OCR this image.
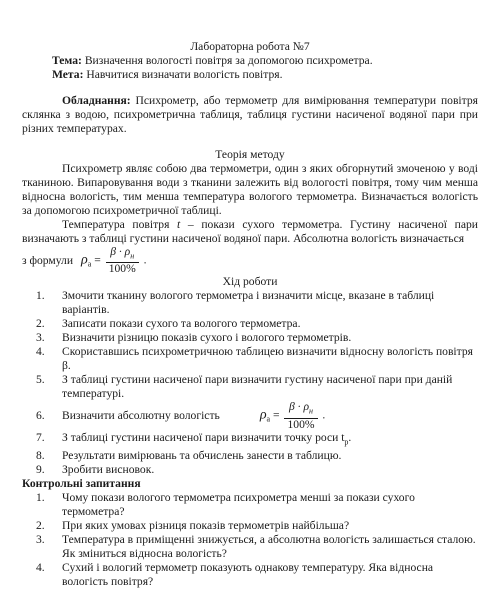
Лабораторна робота №7

Тема: Визначення вологості повітря за допомогою психрометра.

Мета: Навчитися визначати вологість повітря.

Обладнання: Психрометр, або термометр для вимірювання температури повітря склянка з водою, психрометрична таблиця, таблиця густини насиченої водяної пари при різних температурах.

Теорія методу

Психрометр являє собою два термометри, один з яких обгорнутий змоченою у воді тканиною. Випаровування води з тканини залежить від вологості повітря, тому чим менша відносна вологість, тим менша температура вологого термометра. Визначається вологість за допомогою психрометричної таблиці.

Температура повітря t – покази сухого термометра. Густину насиченої пари визначають з таблиці густини насиченої водяної пари. Абсолютна вологість визначається

з формули $\rho_а = \frac{\beta \cdot \rho_н}{100\%}$ .

Хід роботи

1. Змочити тканину вологого термометра і визначити місце, вказане в таблиці варіантів.
2. Записати покази сухого та вологого термометра.
3. Визначити різницю показів сухого і вологого термометрів.
4. Скориставшись психрометричною таблицею визначити відносну вологість повітря β.
5. З таблиці густини насиченої пари визначити густину насиченої пари при даній температурі.
6. Визначити абсолютну вологість	$\rho_а = \frac{\beta \cdot \rho_н}{100\%}$ .
7. З таблиці густини насиченої пари визначити точку роси $t_р$.
8. Результати вимірювань та обчислень занести в таблицю.
9. Зробити висновок.

Контрольні запитання

1. Чому покази вологого термометра психрометра менші за покази сухого термометра?
2. При яких умовах різниця показів термометрів найбільша?
3. Температура в приміщенні знижується, а абсолютна вологість залишається сталою. Як зміниться відносна вологість?
4. Сухий і вологий термометр показують однакову температуру. Яка відносна вологість повітря?
